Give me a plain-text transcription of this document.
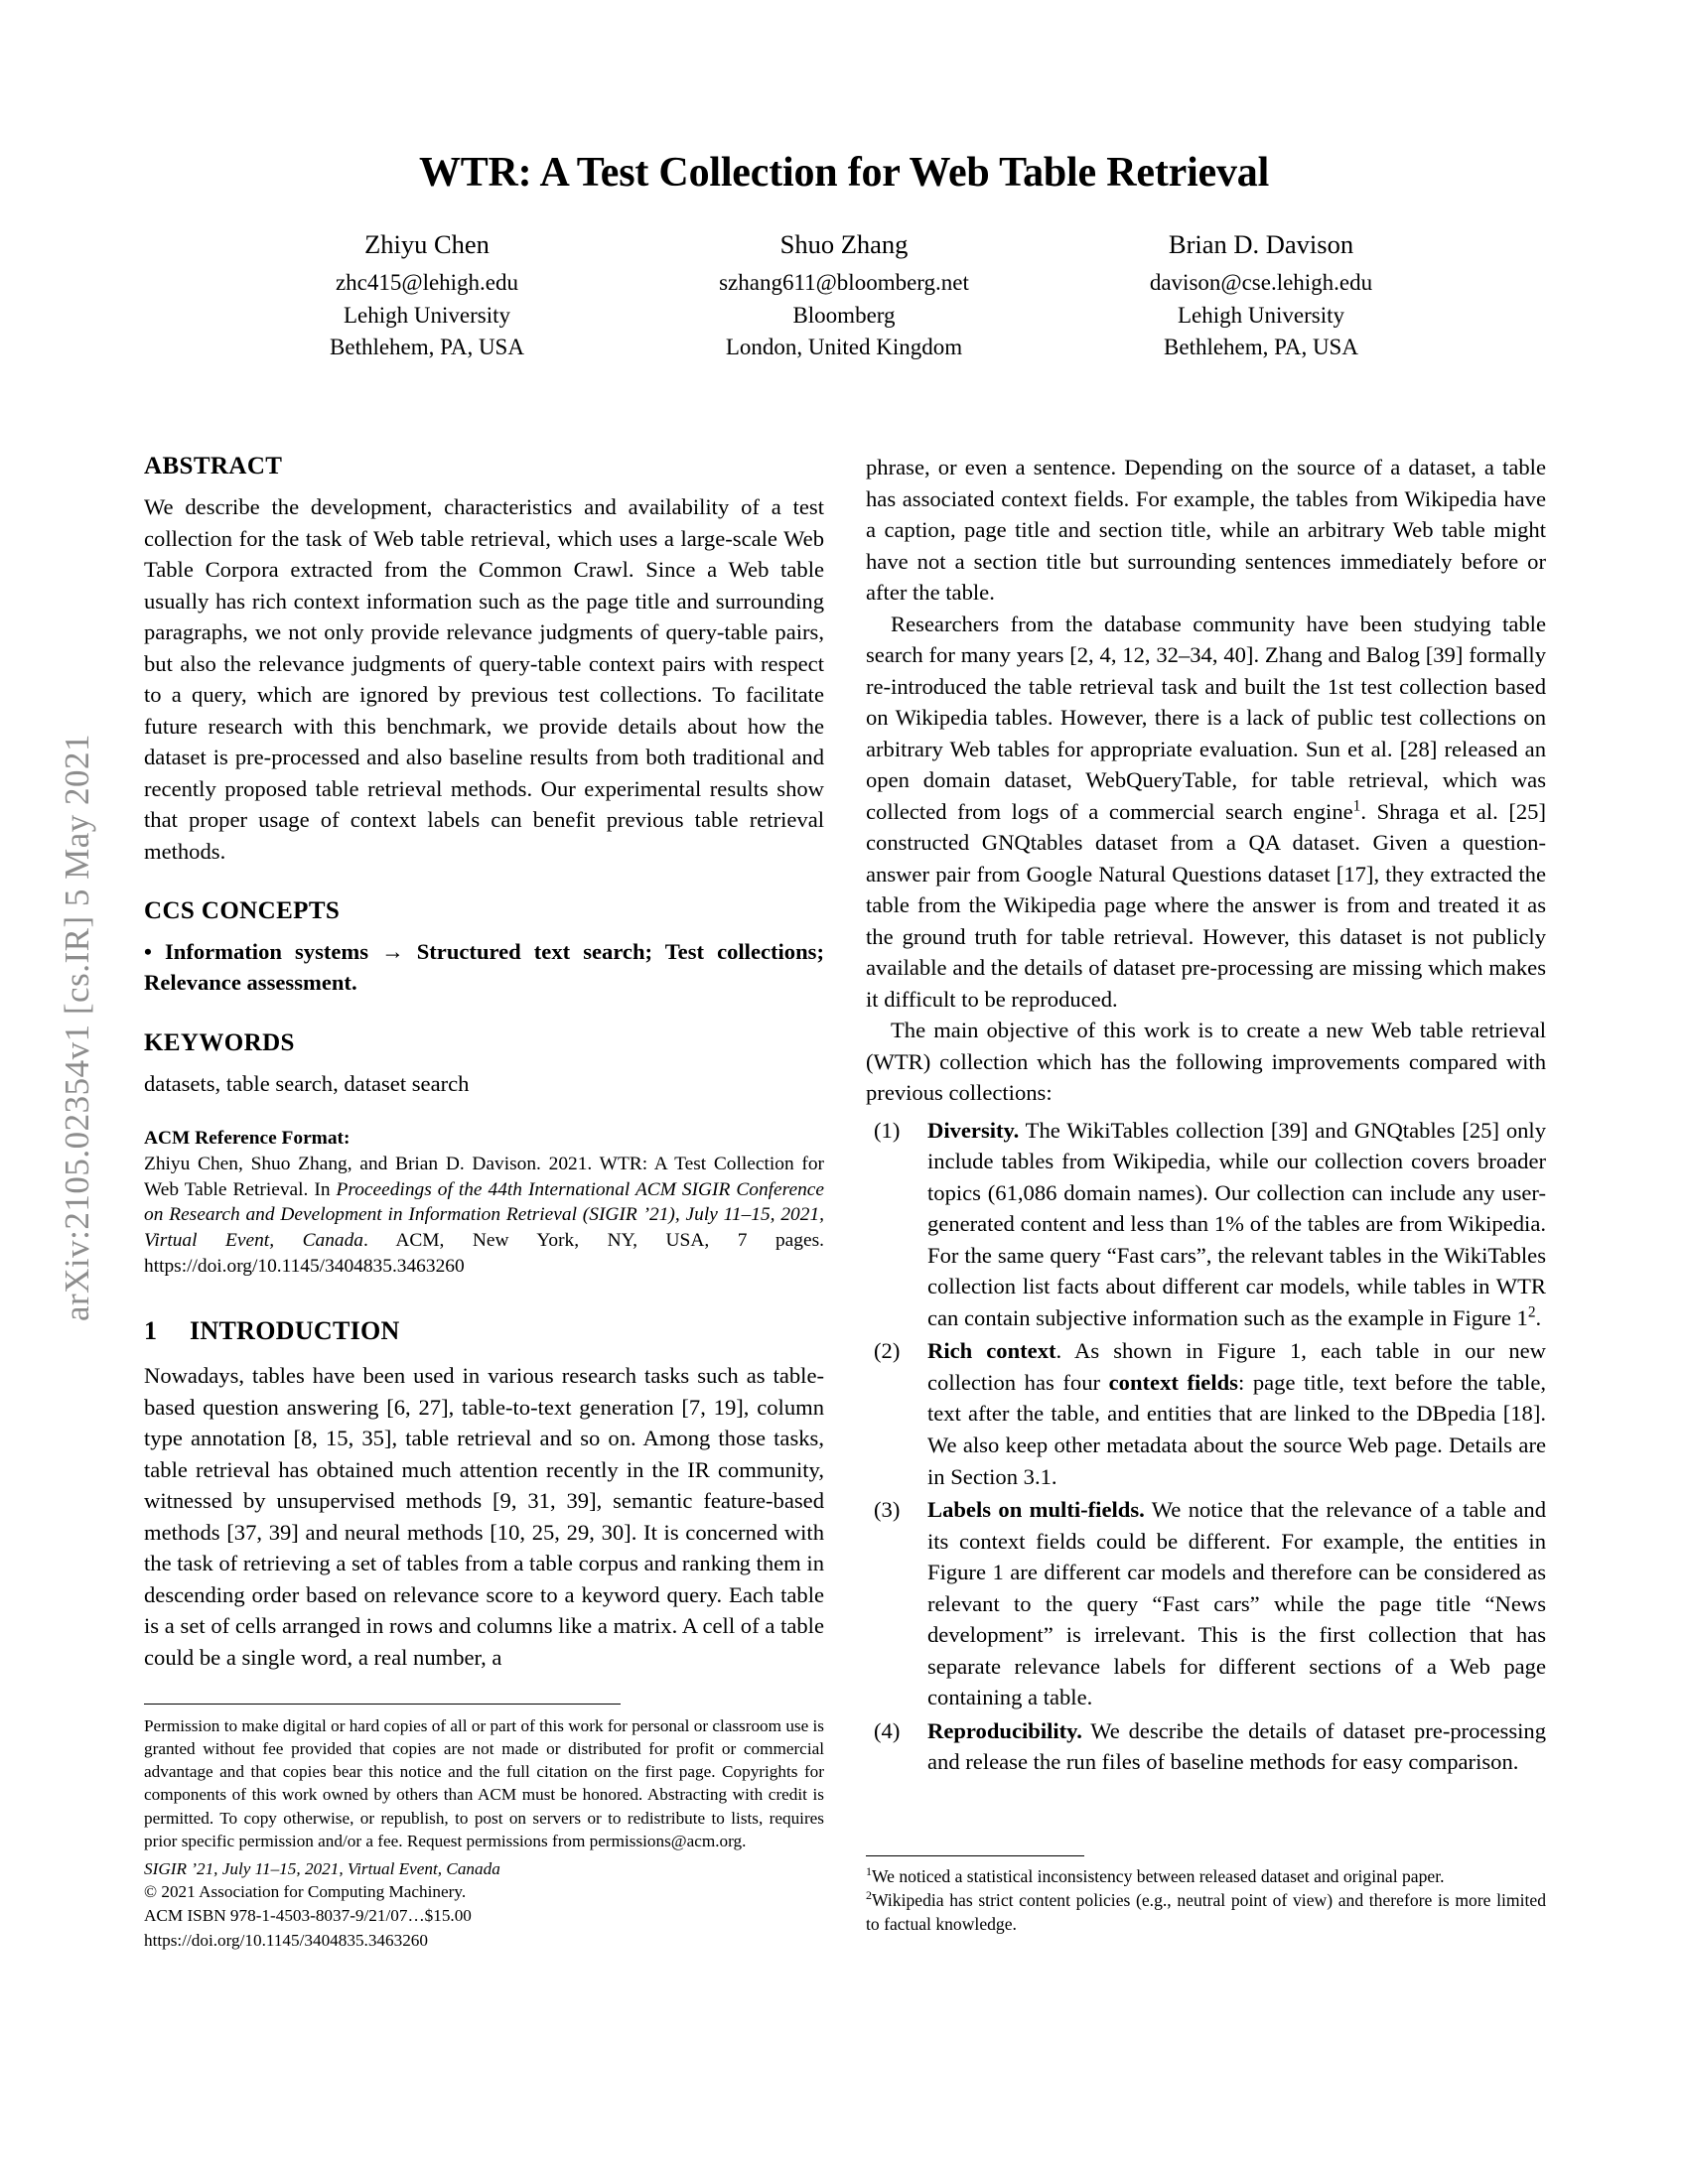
arXiv:2105.02354v1 [cs.IR] 5 May 2021
WTR: A Test Collection for Web Table Retrieval
Zhiyu Chen
zhc415@lehigh.edu
Lehigh University
Bethlehem, PA, USA
Shuo Zhang
szhang611@bloomberg.net
Bloomberg
London, United Kingdom
Brian D. Davison
davison@cse.lehigh.edu
Lehigh University
Bethlehem, PA, USA
ABSTRACT

We describe the development, characteristics and availability of a test collection for the task of Web table retrieval, which uses a large-scale Web Table Corpora extracted from the Common Crawl. Since a Web table usually has rich context information such as the page title and surrounding paragraphs, we not only provide relevance judgments of query-table pairs, but also the relevance judgments of query-table context pairs with respect to a query, which are ignored by previous test collections. To facilitate future research with this benchmark, we provide details about how the dataset is pre-processed and also baseline results from both traditional and recently proposed table retrieval methods. Our experimental results show that proper usage of context labels can benefit previous table retrieval methods.

CCS CONCEPTS

• Information systems → Structured text search; Test collections; Relevance assessment.

KEYWORDS

datasets, table search, dataset search

ACM Reference Format:
Zhiyu Chen, Shuo Zhang, and Brian D. Davison. 2021. WTR: A Test Collection for Web Table Retrieval. In Proceedings of the 44th International ACM SIGIR Conference on Research and Development in Information Retrieval (SIGIR ’21), July 11–15, 2021, Virtual Event, Canada. ACM, New York, NY, USA, 7 pages. https://doi.org/10.1145/3404835.3463260
1 INTRODUCTION

Nowadays, tables have been used in various research tasks such as table-based question answering [6, 27], table-to-text generation [7, 19], column type annotation [8, 15, 35], table retrieval and so on. Among those tasks, table retrieval has obtained much attention recently in the IR community, witnessed by unsupervised methods [9, 31, 39], semantic feature-based methods [37, 39] and neural methods [10, 25, 29, 30]. It is concerned with the task of retrieving a set of tables from a table corpus and ranking them in descending order based on relevance score to a keyword query. Each table is a set of cells arranged in rows and columns like a matrix. A cell of a table could be a single word, a real number, a

Permission to make digital or hard copies of all or part of this work for personal or classroom use is granted without fee provided that copies are not made or distributed for profit or commercial advantage and that copies bear this notice and the full citation on the first page. Copyrights for components of this work owned by others than ACM must be honored. Abstracting with credit is permitted. To copy otherwise, or republish, to post on servers or to redistribute to lists, requires prior specific permission and/or a fee. Request permissions from permissions@acm.org.

SIGIR ’21, July 11–15, 2021, Virtual Event, Canada

© 2021 Association for Computing Machinery.

ACM ISBN 978-1-4503-8037-9/21/07…$15.00

https://doi.org/10.1145/3404835.3463260

phrase, or even a sentence. Depending on the source of a dataset, a table has associated context fields. For example, the tables from Wikipedia have a caption, page title and section title, while an arbitrary Web table might have not a section title but surrounding sentences immediately before or after the table.

Researchers from the database community have been studying table search for many years [2, 4, 12, 32–34, 40]. Zhang and Balog [39] formally re-introduced the table retrieval task and built the 1st test collection based on Wikipedia tables. However, there is a lack of public test collections on arbitrary Web tables for appropriate evaluation. Sun et al. [28] released an open domain dataset, WebQueryTable, for table retrieval, which was collected from logs of a commercial search engine$^1$. Shraga et al. [25] constructed GNQtables dataset from a QA dataset. Given a question-answer pair from Google Natural Questions dataset [17], they extracted the table from the Wikipedia page where the answer is from and treated it as the ground truth for table retrieval. However, this dataset is not publicly available and the details of dataset pre-processing are missing which makes it difficult to be reproduced.

The main objective of this work is to create a new Web table retrieval (WTR) collection which has the following improvements compared with previous collections:

Diversity. The WikiTables collection [39] and GNQtables [25] only include tables from Wikipedia, while our collection covers broader topics (61,086 domain names). Our collection can include any user-generated content and less than 1% of the tables are from Wikipedia. For the same query “Fast cars”, the relevant tables in the WikiTables collection list facts about different car models, while tables in WTR can contain subjective information such as the example in Figure $1^2$.
Rich context. As shown in Figure 1, each table in our new collection has four context fields: page title, text before the table, text after the table, and entities that are linked to the DBpedia [18]. We also keep other metadata about the source Web page. Details are in Section 3.1.
Labels on multi-fields. We notice that the relevance of a table and its context fields could be different. For example, the entities in Figure 1 are different car models and therefore can be considered as relevant to the query “Fast cars” while the page title “News development” is irrelevant. This is the first collection that has separate relevance labels for different sections of a Web page containing a table.
Reproducibility. We describe the details of dataset pre-processing and release the run files of baseline methods for easy comparison.

$^1$We noticed a statistical inconsistency between released dataset and original paper.

$^2$Wikipedia has strict content policies (e.g., neutral point of view) and therefore is more limited to factual knowledge.
